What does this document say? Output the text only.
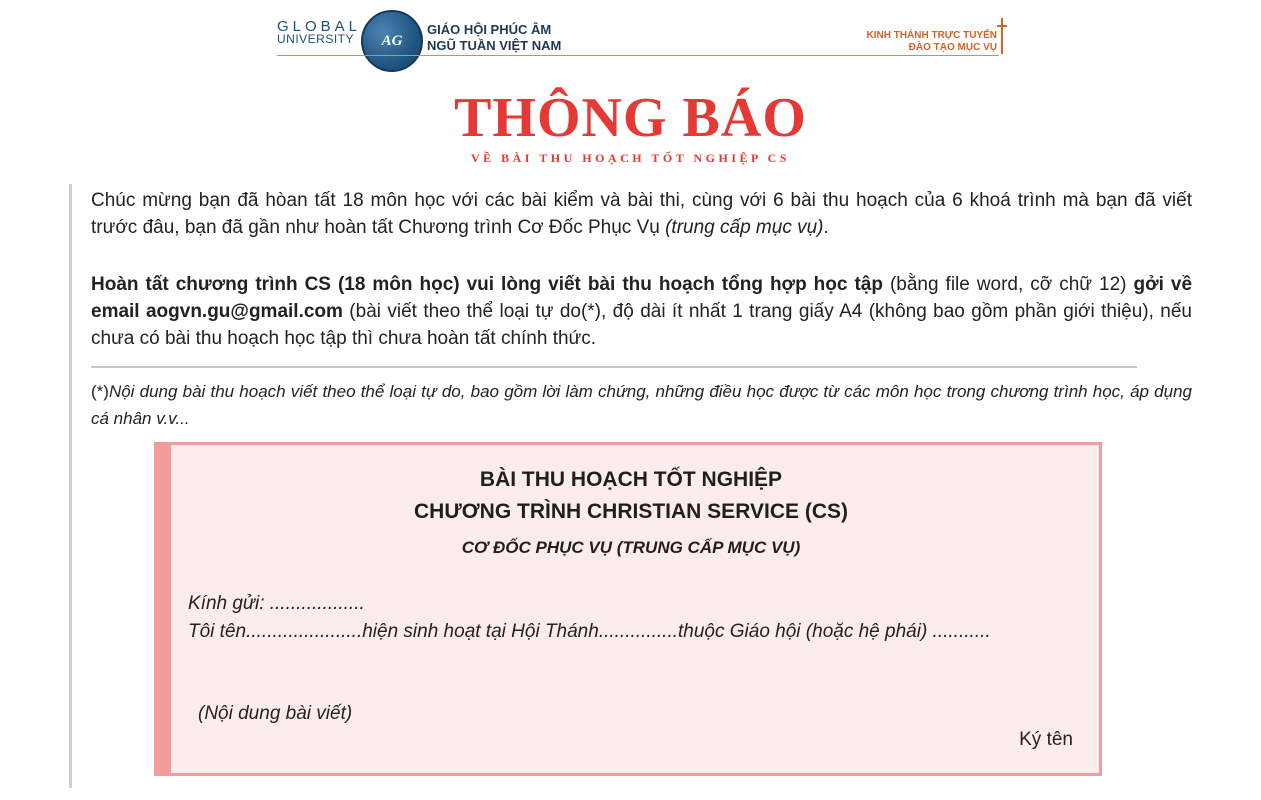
GLOBAL
UNIVERSITY	AG
GIÁO HỘI PHÚC ÂM
NGŨ TUẦN VIỆT NAM
KINH THÁNH TRỰC TUYẾN
ĐÀO TẠO MỤC VỤ
THÔNG BÁO
VỀ BÀI THU HOẠCH TỐT NGHIỆP CS
Chúc mừng bạn đã hòan tất 18 môn học với các bài kiểm và bài thi, cùng với 6 bài thu hoạch của 6 khoá trình mà bạn đã viết trước đâu, bạn đã gần như hoàn tất Chương trình Cơ Đốc Phục Vụ (trung cấp mục vụ).
Hoàn tất chương trình CS (18 môn học) vui lòng viết bài thu hoạch tổng hợp học tập (bằng file word, cỡ chữ 12) gởi về email aogvn.gu@gmail.com (bài viết theo thể loại tự do(*), độ dài ít nhất 1 trang giấy A4 (không bao gồm phần giới thiệu), nếu chưa có bài thu hoạch học tập thì chưa hoàn tất chính thức.
(*)Nội dung bài thu hoạch viết theo thể loại tự do, bao gồm lời làm chứng, những điều học được từ các môn học trong chương trình học, áp dụng cá nhân v.v...
BÀI THU HOẠCH TỐT NGHIỆP
CHƯƠNG TRÌNH CHRISTIAN SERVICE (CS)
CƠ ĐỐC PHỤC VỤ (TRUNG CẤP MỤC VỤ)
Kính gửi: ..................
Tôi tên......................hiện sinh hoạt tại Hội Thánh...............thuộc Giáo hội (hoặc hệ phái) ...........
(Nội dung bài viết)
Ký tên
